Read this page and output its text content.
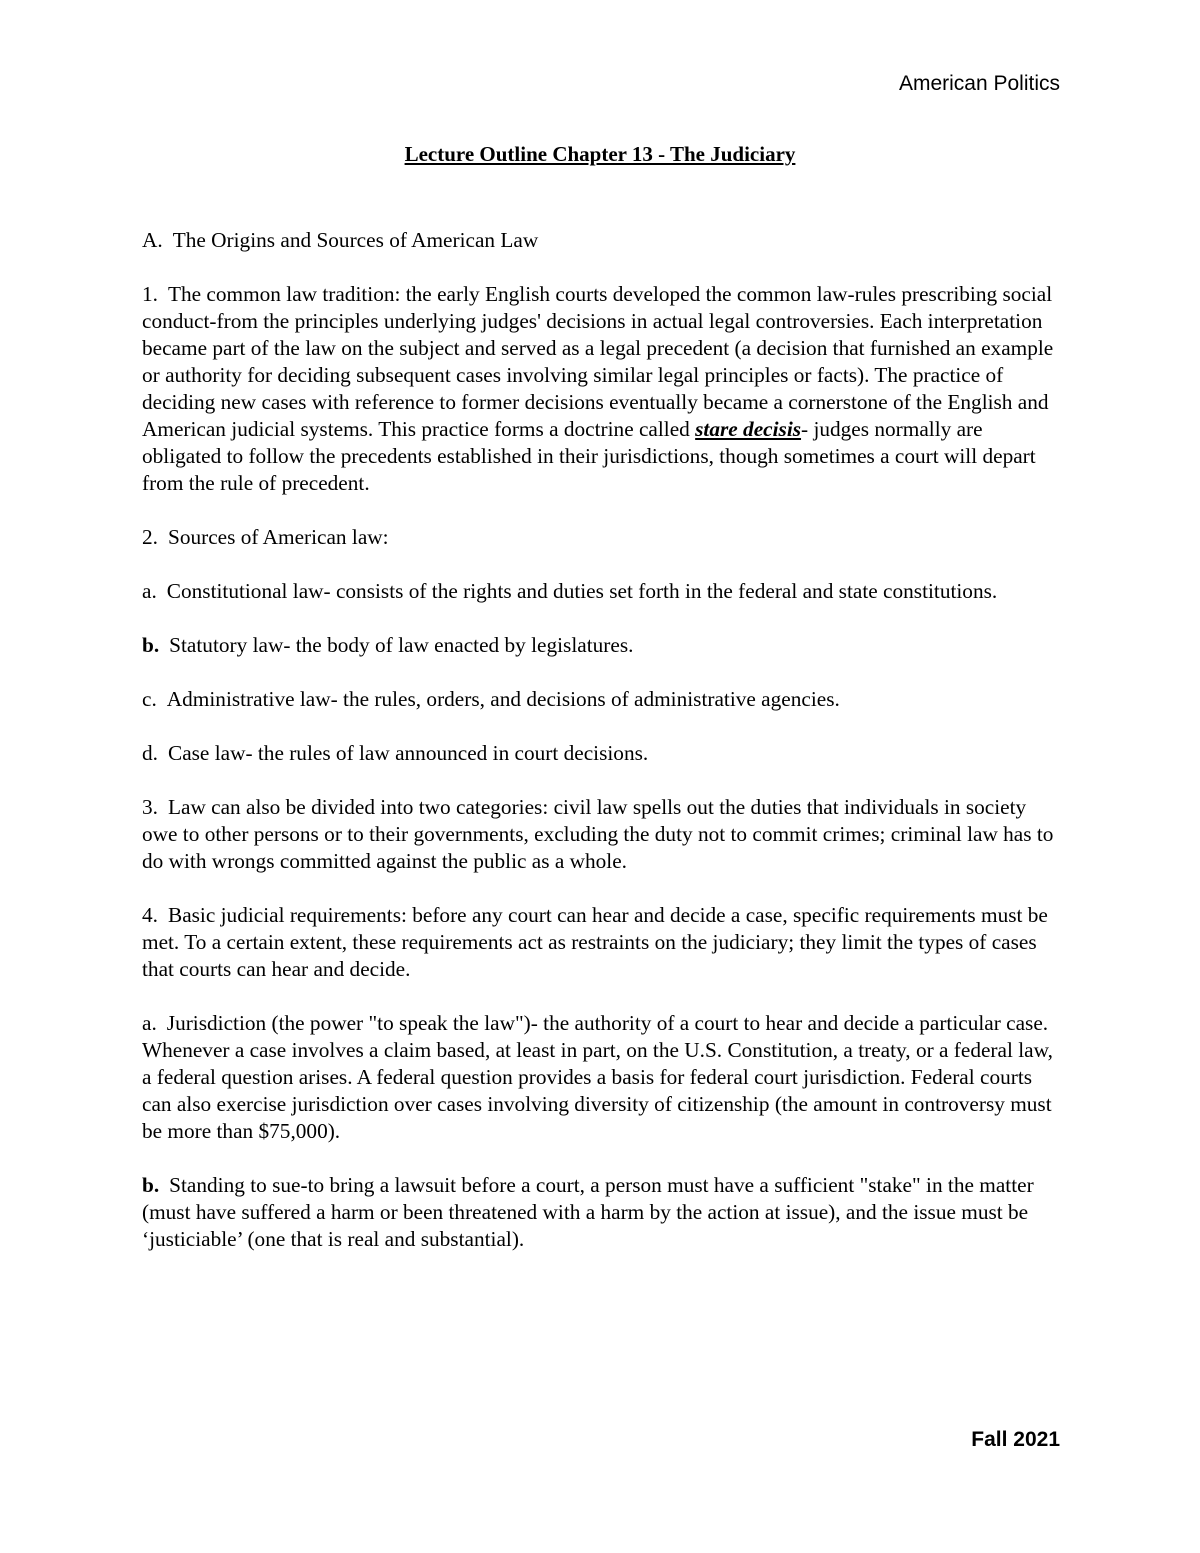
American Politics
Lecture Outline Chapter 13 - The Judiciary

A. The Origins and Sources of American Law

1. The common law tradition: the early English courts developed the common law-rules prescribing social conduct-from the principles underlying judges' decisions in actual legal controversies. Each interpretation became part of the law on the subject and served as a legal precedent (a decision that furnished an example or authority for deciding subsequent cases involving similar legal principles or facts). The practice of deciding new cases with reference to former decisions eventually became a cornerstone of the English and American judicial systems. This practice forms a doctrine called stare decisis- judges normally are obligated to follow the precedents established in their jurisdictions, though sometimes a court will depart from the rule of precedent.

2. Sources of American law:

a. Constitutional law- consists of the rights and duties set forth in the federal and state constitutions.

b. Statutory law- the body of law enacted by legislatures.

c. Administrative law- the rules, orders, and decisions of administrative agencies.

d. Case law- the rules of law announced in court decisions.

3. Law can also be divided into two categories: civil law spells out the duties that individuals in society owe to other persons or to their governments, excluding the duty not to commit crimes; criminal law has to do with wrongs committed against the public as a whole.

4. Basic judicial requirements: before any court can hear and decide a case, specific requirements must be met. To a certain extent, these requirements act as restraints on the judiciary; they limit the types of cases that courts can hear and decide.

a. Jurisdiction (the power "to speak the law")- the authority of a court to hear and decide a particular case. Whenever a case involves a claim based, at least in part, on the U.S. Constitution, a treaty, or a federal law, a federal question arises. A federal question provides a basis for federal court jurisdiction. Federal courts can also exercise jurisdiction over cases involving diversity of citizenship (the amount in controversy must be more than $75,000).

b. Standing to sue-to bring a lawsuit before a court, a person must have a sufficient "stake" in the matter (must have suffered a harm or been threatened with a harm by the action at issue), and the issue must be ‘justiciable’ (one that is real and substantial).

Fall 2021
